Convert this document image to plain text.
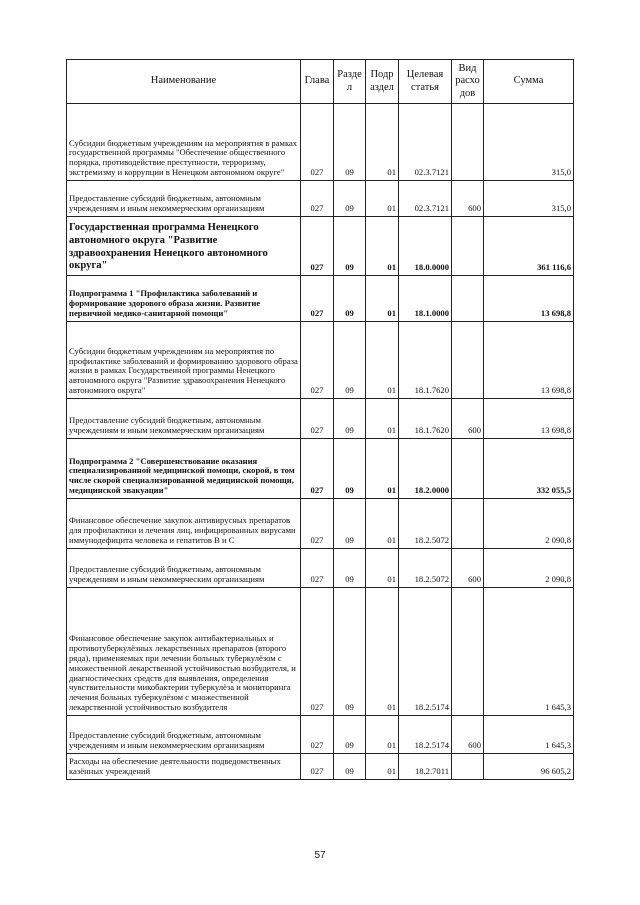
Наименование	Глава	Разде л	Подр аздел	Целевая статья	Вид расхо дов	Сумма
Субсидии бюджетным учреждениям на мероприятия в рамках государственной программы "Обеспечение общественного порядка, противодействие преступности, терроризму, экстремизму и коррупции в Ненецком автономном округе"	027	09	01	02.3.7121		315,0
Предоставление субсидий бюджетным, автономным учреждениям и иным некоммерческим организациям	027	09	01	02.3.7121	600	315,0
Государственная программа Ненецкого автономного округа "Развитие здравоохранения Ненецкого автономного округа"	027	09	01	18.0.0000		361 116,6
Подпрограмма 1 "Профилактика заболеваний и формирование здорового образа жизни. Развитие первичной медико-санитарной помощи"	027	09	01	18.1.0000		13 698,8
Субсидии бюджетным учреждениям на мероприятия по профилактике заболеваний и формированию здорового образа жизни в рамках Государственной программы Ненецкого автономного округа "Развитие здравоохранения Ненецкого автономного округа"	027	09	01	18.1.7620		13 698,8
Предоставление субсидий бюджетным, автономным учреждениям и иным некоммерческим организациям	027	09	01	18.1.7620	600	13 698,8
Подпрограмма 2 "Совершенствование оказания специализированной медицинской помощи, скорой, в том числе скорой специализированной медицинской помощи, медицинской эвакуации"	027	09	01	18.2.0000		332 055,5
Финансовое обеспечение закупок антивирусных препаратов для профилактики и лечения лиц, инфицированных вирусами иммунодефицита человека и гепатитов В и С	027	09	01	18.2.5072		2 090,8
Предоставление субсидий бюджетным, автономным учреждениям и иным некоммерческим организациям	027	09	01	18.2.5072	600	2 090,8
Финансовое обеспечение закупок антибактериальных и противотуберкулёзных лекарственных препаратов (второго ряда), применяемых при лечении больных туберкулёзом с множественной лекарственной устойчивостью возбудителя, и диагностических средств для выявления, определения чувствительности микобактерии туберкулёза и мониторинга лечения больных туберкулёзом с множественной лекарственной устойчивостью возбудителя	027	09	01	18.2.5174		1 645,3
Предоставление субсидий бюджетным, автономным учреждениям и иным некоммерческим организациям	027	09	01	18.2.5174	600	1 645,3
Расходы на обеспечение деятельности подведомственных казённых учреждений	027	09	01	18.2.7011		96 605,2
57
